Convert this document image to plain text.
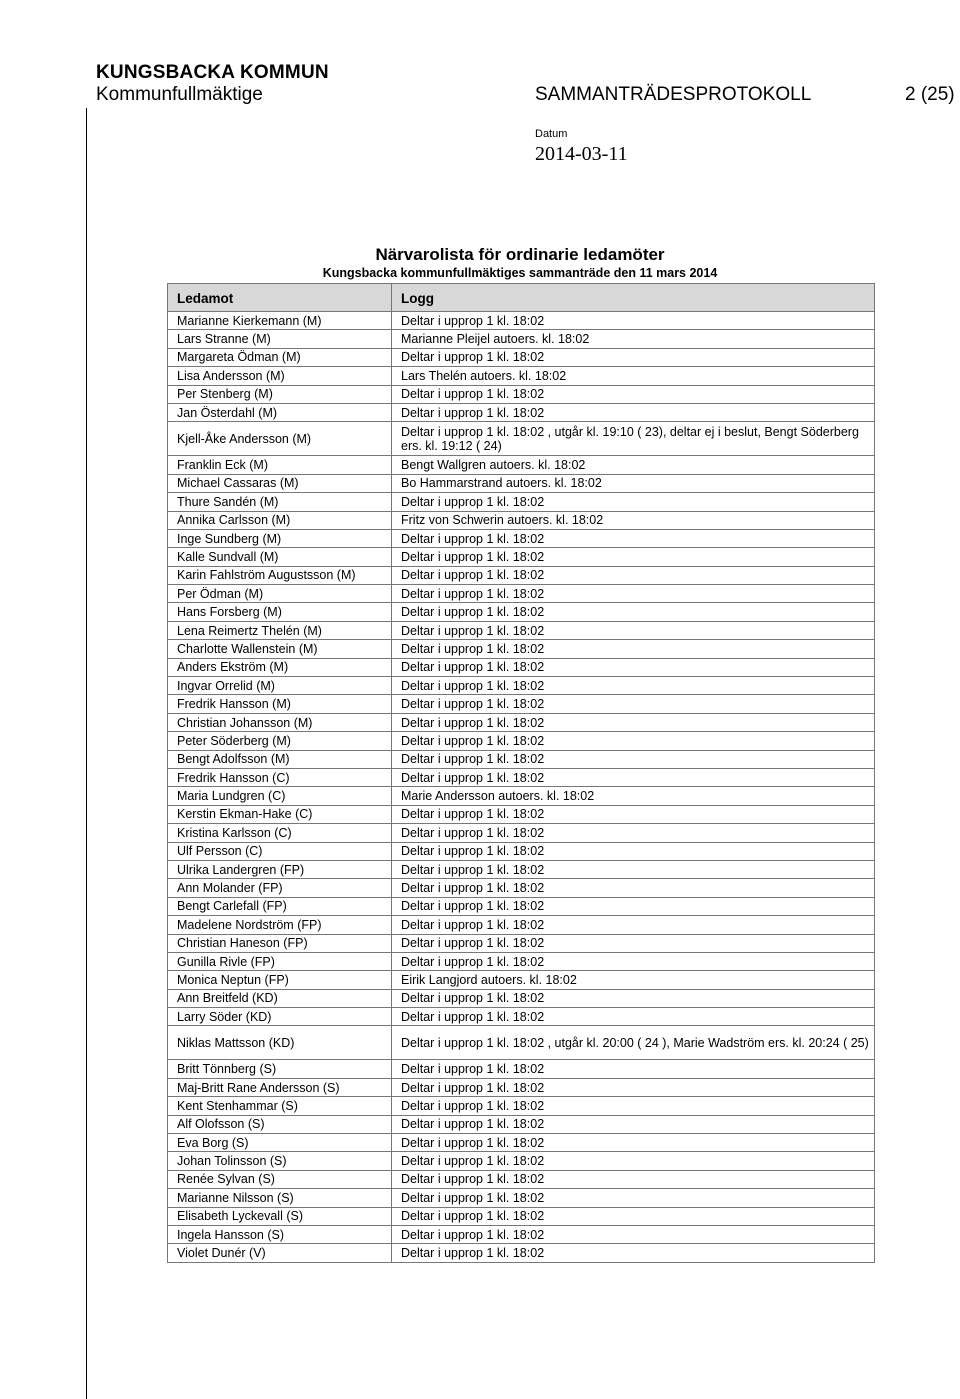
KUNGSBACKA KOMMUN
Kommunfullmäktige	SAMMANTRÄDESPROTOKOLL	2 (25)
Datum
2014-03-11
Närvarolista för ordinarie ledamöter
Kungsbacka kommunfullmäktiges sammanträde den 11 mars 2014
Ledamot	Logg
Marianne Kierkemann (M)	Deltar i upprop 1 kl. 18:02
Lars Stranne (M)	Marianne Pleijel autoers. kl. 18:02
Margareta Ödman (M)	Deltar i upprop 1 kl. 18:02
Lisa Andersson (M)	Lars Thelén autoers. kl. 18:02
Per Stenberg (M)	Deltar i upprop 1 kl. 18:02
Jan Österdahl (M)	Deltar i upprop 1 kl. 18:02
Kjell-Åke Andersson (M)	Deltar i upprop 1 kl. 18:02 , utgår kl. 19:10 ( 23), deltar ej i beslut, Bengt Söderberg ers. kl. 19:12 ( 24)
Franklin Eck (M)	Bengt Wallgren autoers. kl. 18:02
Michael Cassaras (M)	Bo Hammarstrand autoers. kl. 18:02
Thure Sandén (M)	Deltar i upprop 1 kl. 18:02
Annika Carlsson (M)	Fritz von Schwerin autoers. kl. 18:02
Inge Sundberg (M)	Deltar i upprop 1 kl. 18:02
Kalle Sundvall (M)	Deltar i upprop 1 kl. 18:02
Karin Fahlström Augustsson (M)	Deltar i upprop 1 kl. 18:02
Per Ödman (M)	Deltar i upprop 1 kl. 18:02
Hans Forsberg (M)	Deltar i upprop 1 kl. 18:02
Lena Reimertz Thelén (M)	Deltar i upprop 1 kl. 18:02
Charlotte Wallenstein (M)	Deltar i upprop 1 kl. 18:02
Anders Ekström (M)	Deltar i upprop 1 kl. 18:02
Ingvar Orrelid (M)	Deltar i upprop 1 kl. 18:02
Fredrik Hansson (M)	Deltar i upprop 1 kl. 18:02
Christian Johansson (M)	Deltar i upprop 1 kl. 18:02
Peter Söderberg (M)	Deltar i upprop 1 kl. 18:02
Bengt Adolfsson (M)	Deltar i upprop 1 kl. 18:02
Fredrik Hansson (C)	Deltar i upprop 1 kl. 18:02
Maria Lundgren (C)	Marie Andersson autoers. kl. 18:02
Kerstin Ekman-Hake (C)	Deltar i upprop 1 kl. 18:02
Kristina Karlsson (C)	Deltar i upprop 1 kl. 18:02
Ulf Persson (C)	Deltar i upprop 1 kl. 18:02
Ulrika Landergren (FP)	Deltar i upprop 1 kl. 18:02
Ann Molander (FP)	Deltar i upprop 1 kl. 18:02
Bengt Carlefall (FP)	Deltar i upprop 1 kl. 18:02
Madelene Nordström (FP)	Deltar i upprop 1 kl. 18:02
Christian Haneson (FP)	Deltar i upprop 1 kl. 18:02
Gunilla Rivle (FP)	Deltar i upprop 1 kl. 18:02
Monica Neptun (FP)	Eirik Langjord autoers. kl. 18:02
Ann Breitfeld (KD)	Deltar i upprop 1 kl. 18:02
Larry Söder (KD)	Deltar i upprop 1 kl. 18:02
Niklas Mattsson (KD)	Deltar i upprop 1 kl. 18:02 , utgår kl. 20:00 ( 24 ), Marie Wadström ers. kl. 20:24 ( 25)
Britt Tönnberg (S)	Deltar i upprop 1 kl. 18:02
Maj-Britt Rane Andersson (S)	Deltar i upprop 1 kl. 18:02
Kent Stenhammar (S)	Deltar i upprop 1 kl. 18:02
Alf Olofsson (S)	Deltar i upprop 1 kl. 18:02
Eva Borg (S)	Deltar i upprop 1 kl. 18:02
Johan Tolinsson (S)	Deltar i upprop 1 kl. 18:02
Renée Sylvan (S)	Deltar i upprop 1 kl. 18:02
Marianne Nilsson (S)	Deltar i upprop 1 kl. 18:02
Elisabeth Lyckevall (S)	Deltar i upprop 1 kl. 18:02
Ingela Hansson (S)	Deltar i upprop 1 kl. 18:02
Violet Dunér (V)	Deltar i upprop 1 kl. 18:02
